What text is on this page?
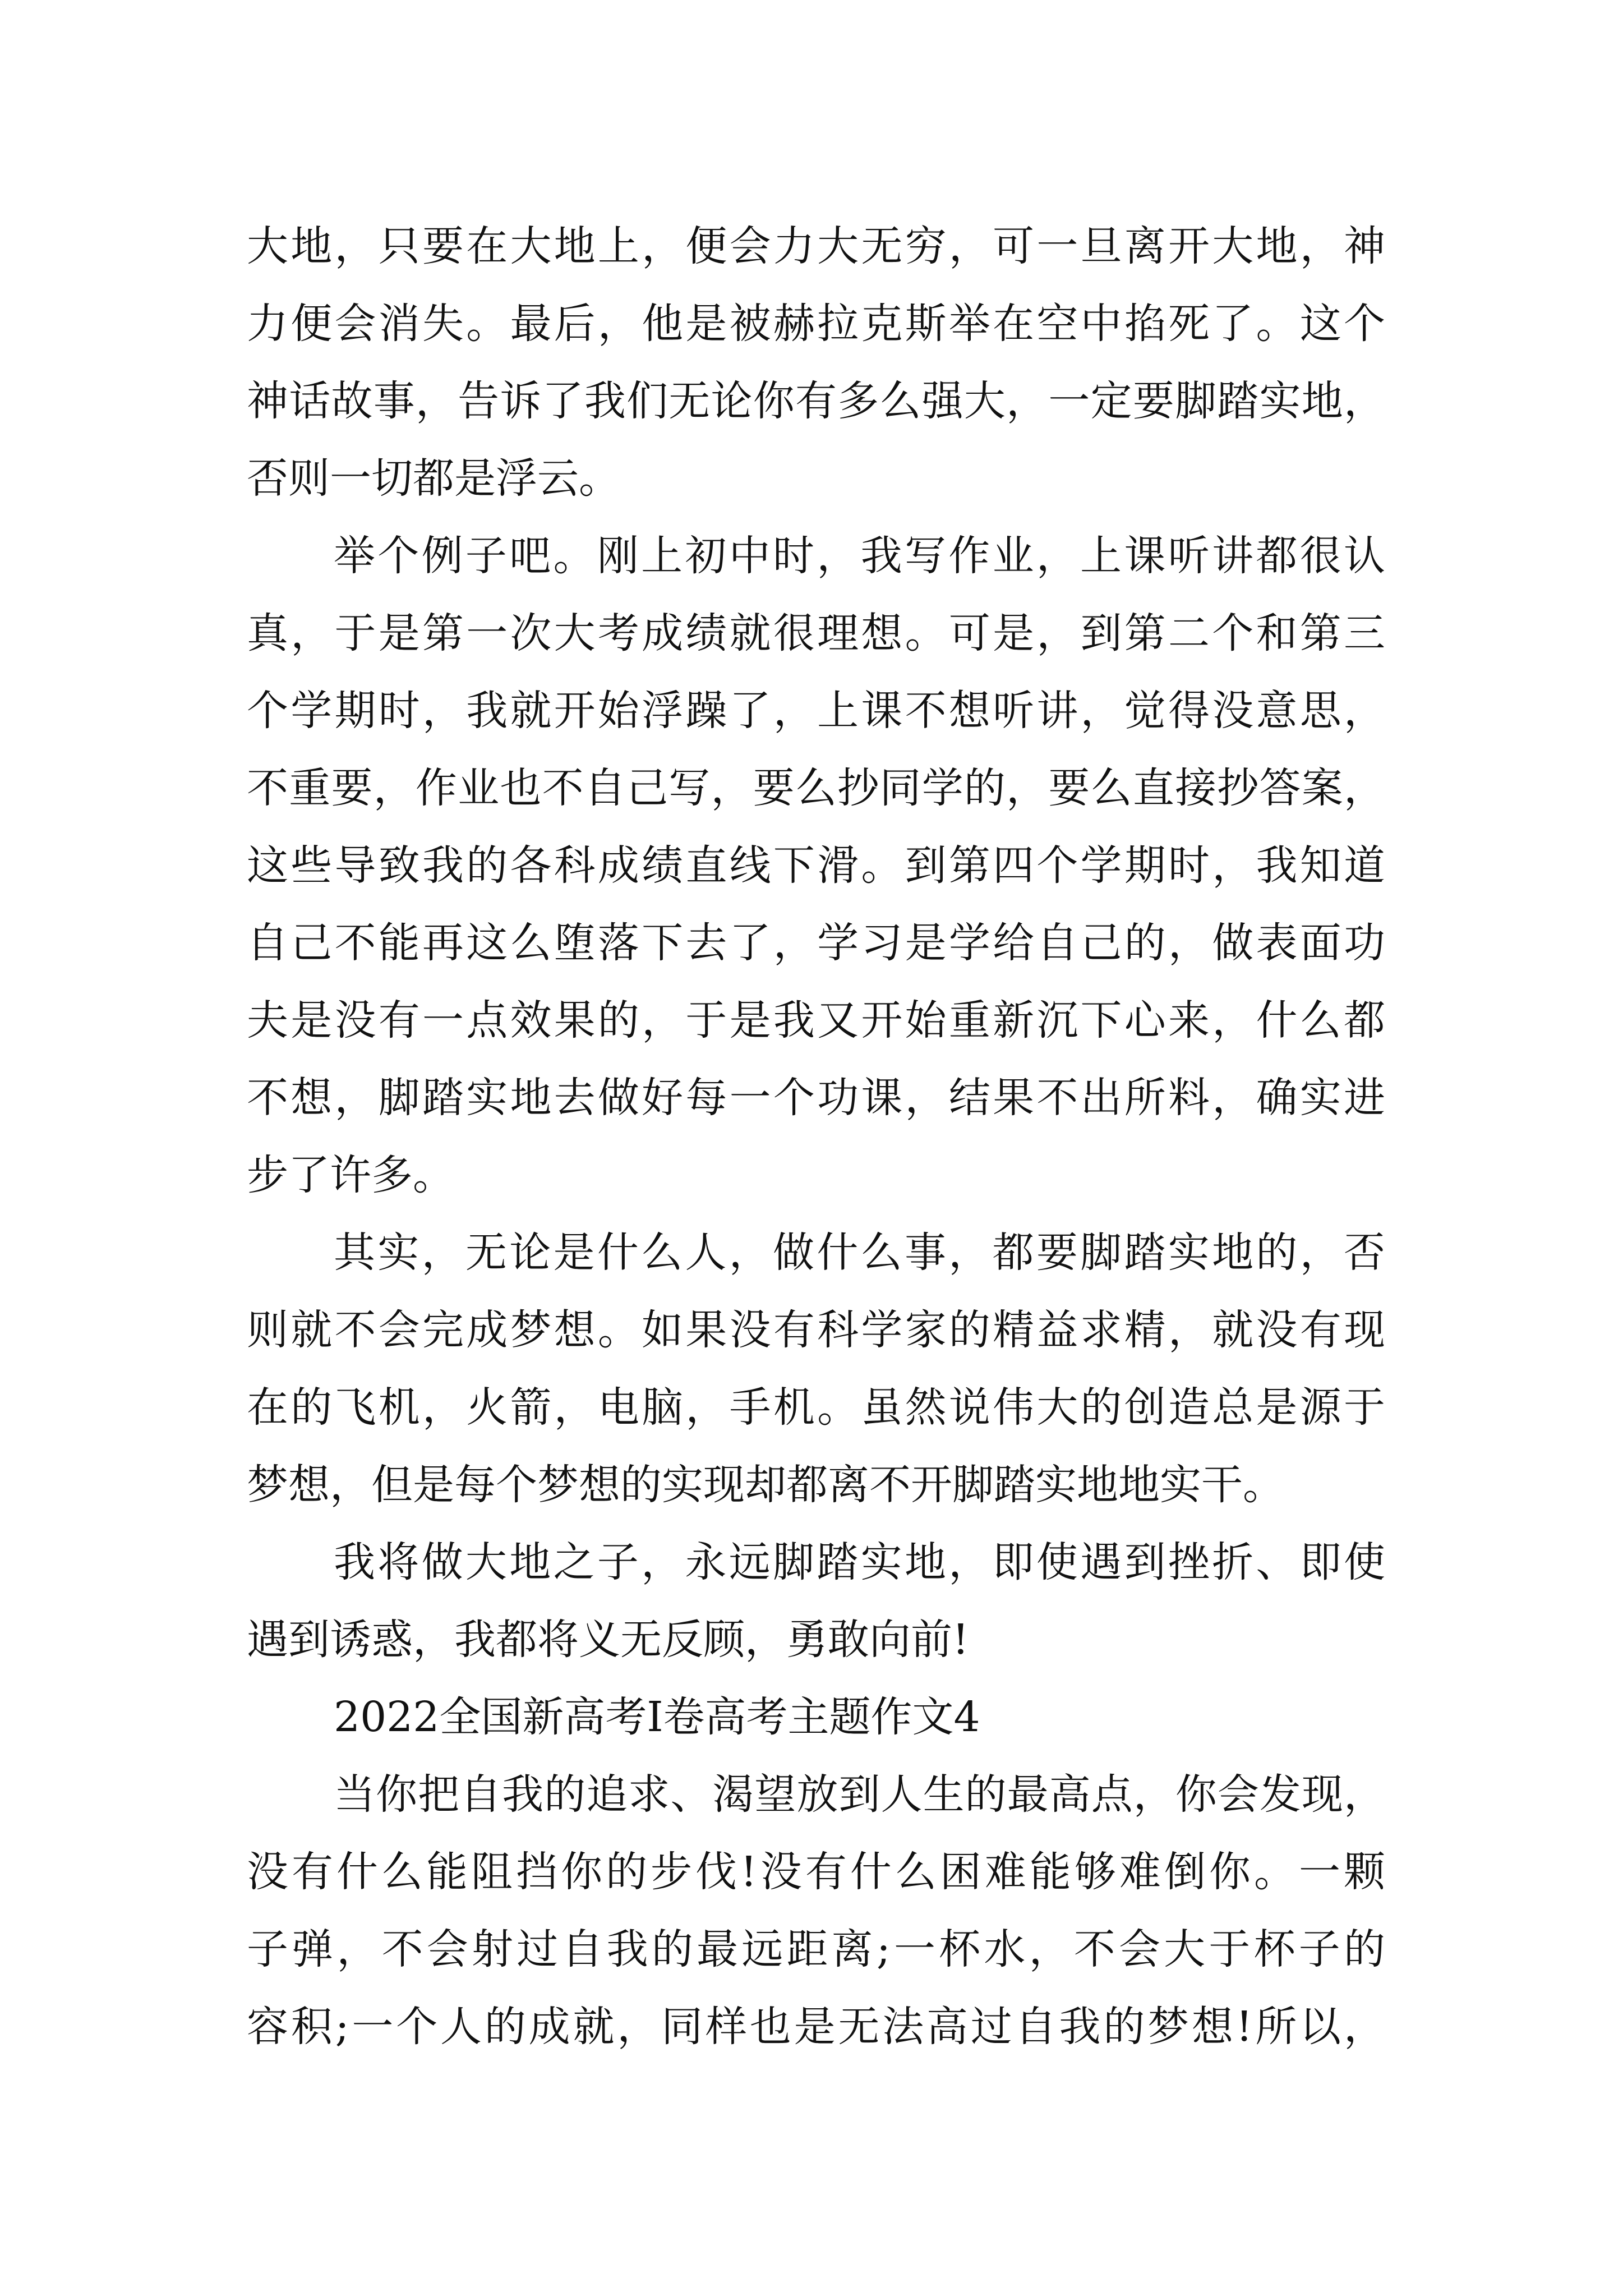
大地，只要在大地上，便会力大无穷，可一旦离开大地，神
力便会消失。最后，他是被赫拉克斯举在空中掐死了。这个
神话故事，告诉了我们无论你有多么强大，一定要脚踏实地，
否则一切都是浮云。
举个例子吧。刚上初中时，我写作业，上课听讲都很认
真，于是第一次大考成绩就很理想。可是，到第二个和第三
个学期时，我就开始浮躁了，上课不想听讲，觉得没意思，
不重要，作业也不自己写，要么抄同学的，要么直接抄答案，
这些导致我的各科成绩直线下滑。到第四个学期时，我知道
自己不能再这么堕落下去了，学习是学给自己的，做表面功
夫是没有一点效果的，于是我又开始重新沉下心来，什么都
不想，脚踏实地去做好每一个功课，结果不出所料，确实进
步了许多。
其实，无论是什么人，做什么事，都要脚踏实地的，否
则就不会完成梦想。如果没有科学家的精益求精，就没有现
在的飞机，火箭，电脑，手机。虽然说伟大的创造总是源于
梦想，但是每个梦想的实现却都离不开脚踏实地地实干。
我将做大地之子，永远脚踏实地，即使遇到挫折、即使
遇到诱惑，我都将义无反顾，勇敢向前!
2022全国新高考Ⅰ卷高考主题作文4
当你把自我的追求、渴望放到人生的最高点，你会发现，
没有什么能阻挡你的步伐!没有什么困难能够难倒你。一颗
子弹，不会射过自我的最远距离;一杯水，不会大于杯子的
容积;一个人的成就，同样也是无法高过自我的梦想!所以，
